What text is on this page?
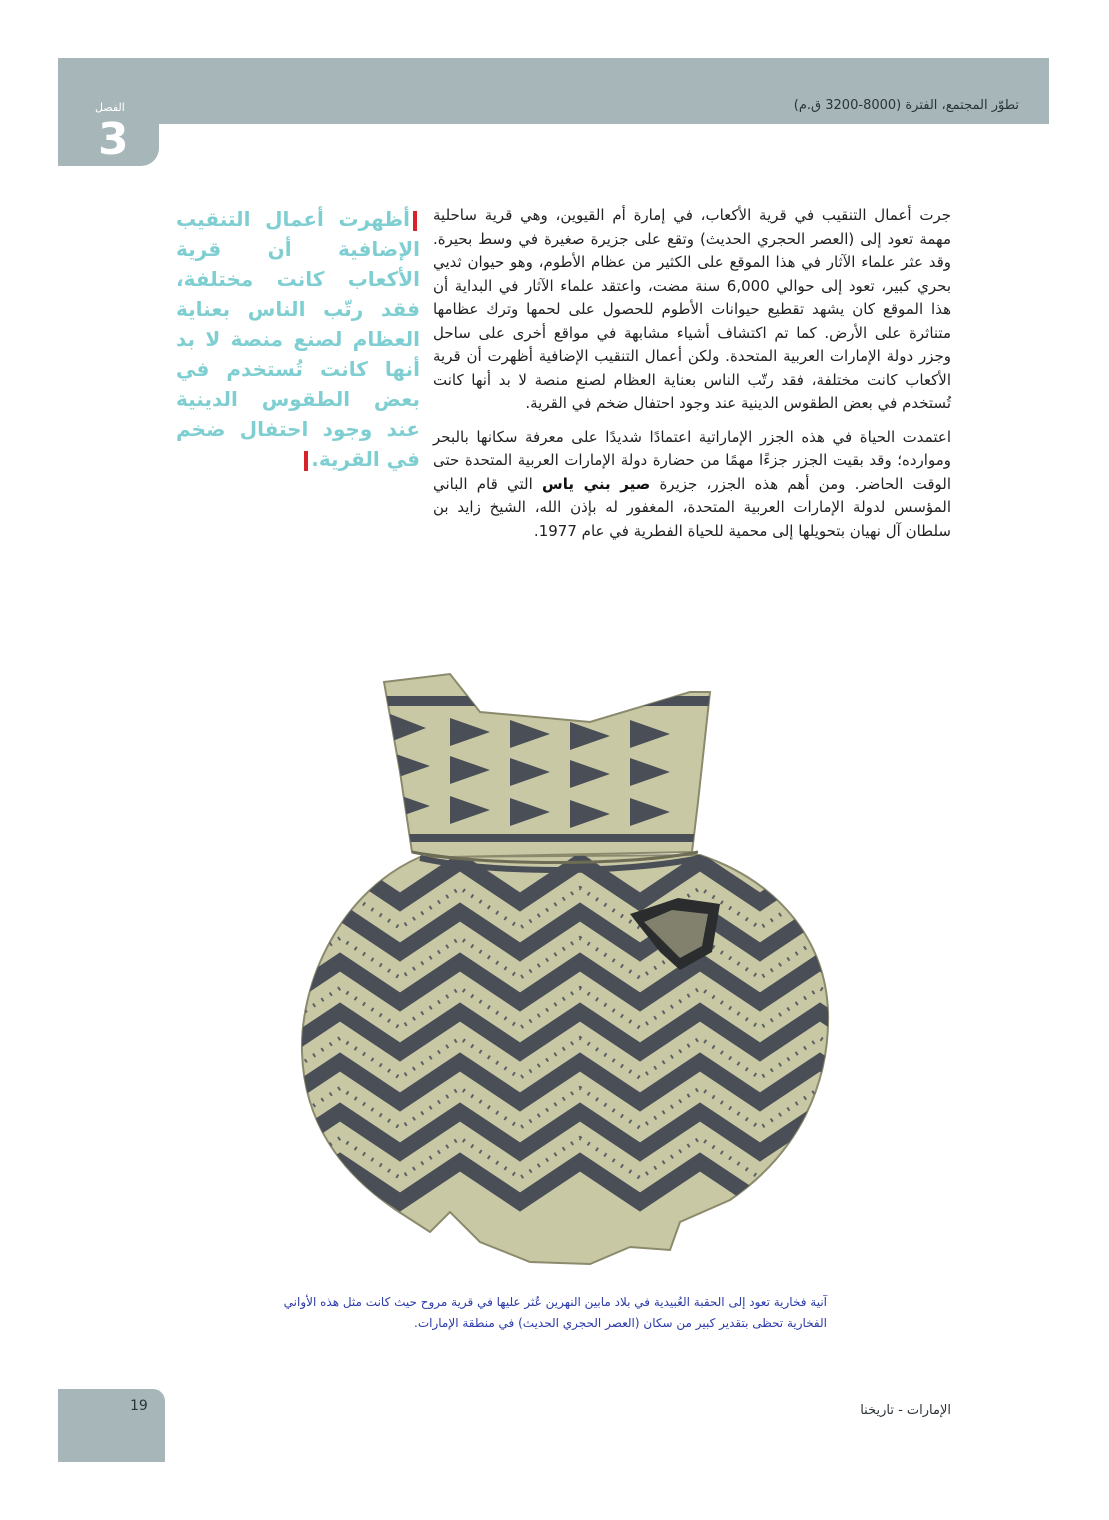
الفصل
3
تطوّر المجتمع، الفترة (8000-3200 ق.م)

جرت أعمال التنقيب في قرية الأكعاب، في إمارة أم القيوين، وهي قرية ساحلية مهمة تعود إلى (العصر الحجري الحديث) وتقع على جزيرة صغيرة في وسط بحيرة. وقد عثر علماء الآثار في هذا الموقع على الكثير من عظام الأطوم، وهو حيوان ثديي بحري كبير، تعود إلى حوالي 6,000 سنة مضت، واعتقد علماء الآثار في البداية أن هذا الموقع كان يشهد تقطيع حيوانات الأطوم للحصول على لحمها وترك عظامها متناثرة على الأرض. كما تم اكتشاف أشياء مشابهة في مواقع أخرى على ساحل وجزر دولة الإمارات العربية المتحدة. ولكن أعمال التنقيب الإضافية أظهرت أن قرية الأكعاب كانت مختلفة، فقد رتّب الناس بعناية العظام لصنع منصة لا بد أنها كانت تُستخدم في بعض الطقوس الدينية عند وجود احتفال ضخم في القرية.

اعتمدت الحياة في هذه الجزر الإماراتية اعتمادًا شديدًا على معرفة سكانها بالبحر وموارده؛ وقد بقيت الجزر جزءًا مهمًا من حضارة دولة الإمارات العربية المتحدة حتى الوقت الحاضر. ومن أهم هذه الجزر، جزيرة صير بني ياس التي قام الباني المؤسس لدولة الإمارات العربية المتحدة، المغفور له بإذن الله، الشيخ زايد بن سلطان آل نهيان بتحويلها إلى محمية للحياة الفطرية في عام 1977.

أظهرت أعمال التنقيب الإضافية أن قرية الأكعاب كانت مختلفة، فقد رتّب الناس بعناية العظام لصنع منصة لا بد أنها كانت تُستخدم في بعض الطقوس الدينية عند وجود احتفال ضخم في القرية.
آنية فخارية تعود إلى الحقبة العُبيدية في بلاد مابين النهرين عُثر عليها في قرية مروح حيث كانت مثل هذه الأواني الفخارية تحظى بتقدير كبير من سكان (العصر الحجري الحديث) في منطقة الإمارات.
19	الإمارات - تاريخنا
